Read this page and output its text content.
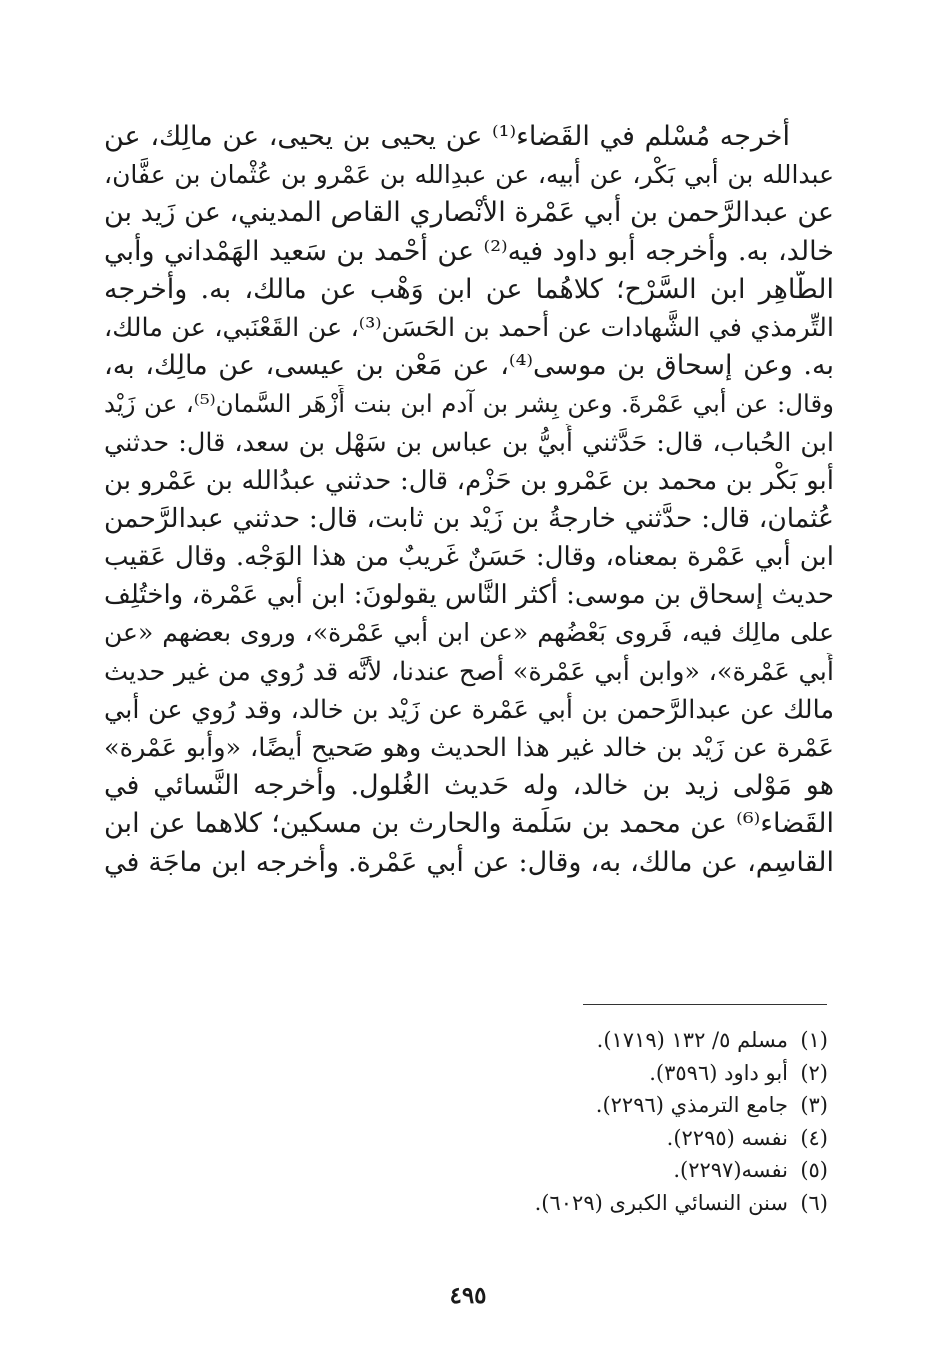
أخرجه مُسْلم في القَضاء⁽¹⁾ عن يحيى بن يحيى، عن مالِك، عن
عبدالله بن أبي بَكْر، عن أبيه، عن عبدِالله بن عَمْرو بن عُثْمان بن عفَّان،
عن عبدالرَّحمن بن أبي عَمْرة الأَنْصاري القاص المديني، عن زَيد بن
خالد، به. وأخرجه أبو داود فيه⁽²⁾ عن أَحْمد بن سَعيد الهَمْداني وأبي
الطَّاهِر ابن السَّرْح؛ كلاهُما عن ابن وَهْب عن مالك، به. وأخرجه
التِّرمذي في الشَّهادات عن أحمد بن الحَسَن⁽³⁾، عن القَعْنَبي، عن مالك،
به. وعن إسحاق بن موسى⁽⁴⁾، عن مَعْن بن عيسى، عن مالِك، به،
وقال: عن أبي عَمْرةَ. وعن بِشر بن آدم ابن بنت أَزْهَر السَّمان⁽⁵⁾، عن زَيْد
ابن الحُباب، قال: حَدَّثني أُبيُّ بن عباس بن سَهْل بن سعد، قال: حدثني
أبو بَكْر بن محمد بن عَمْرو بن حَزْم، قال: حدثني عبدُالله بن عَمْرو بن
عُثمان، قال: حدَّثني خارجةُ بن زَيْد بن ثابت، قال: حدثني عبدالرَّحمن
ابن أبي عَمْرة بمعناه، وقال: حَسَنٌ غَريبٌ من هذا الوَجْه. وقال عَقيب
حديث إسحاق بن موسى: أكثر النَّاس يقولونَ: ابن أبي عَمْرة، واختُلِف
على مالِك فيه، فَروى بَعْضُهم «عن ابن أبي عَمْرة»، وروى بعضهم «عن
أَبي عَمْرة»، «وابن أبي عَمْرة» أصح عندنا، لأنَّه قد رُوي من غير حديث
مالك عن عبدالرَّحمن بن أبي عَمْرة عن زَيْد بن خالد، وقد رُوي عن أبي
عَمْرة عن زَيْد بن خالد غير هذا الحديث وهو صَحيح أيضًا، «وأبو عَمْرة»
هو مَوْلى زيد بن خالد، وله حَديث الغُلول. وأخرجه النَّسائي في
القَضاء⁽⁶⁾ عن محمد بن سَلَمة والحارث بن مسكين؛ كلاهما عن ابن
القاسِم، عن مالك، به، وقال: عن أَبي عَمْرة. وأخرجه ابن ماجَة في
(١)مسلم ٥/ ١٣٢ (١٧١٩).
(٢)أبو داود (٣٥٩٦).
(٣)جامع الترمذي (٢٢٩٦).
(٤)نفسه (٢٢٩٥).
(٥)نفسه(٢٢٩٧).
(٦)سنن النسائي الكبرى (٦٠٢٩).
٤٩٥
